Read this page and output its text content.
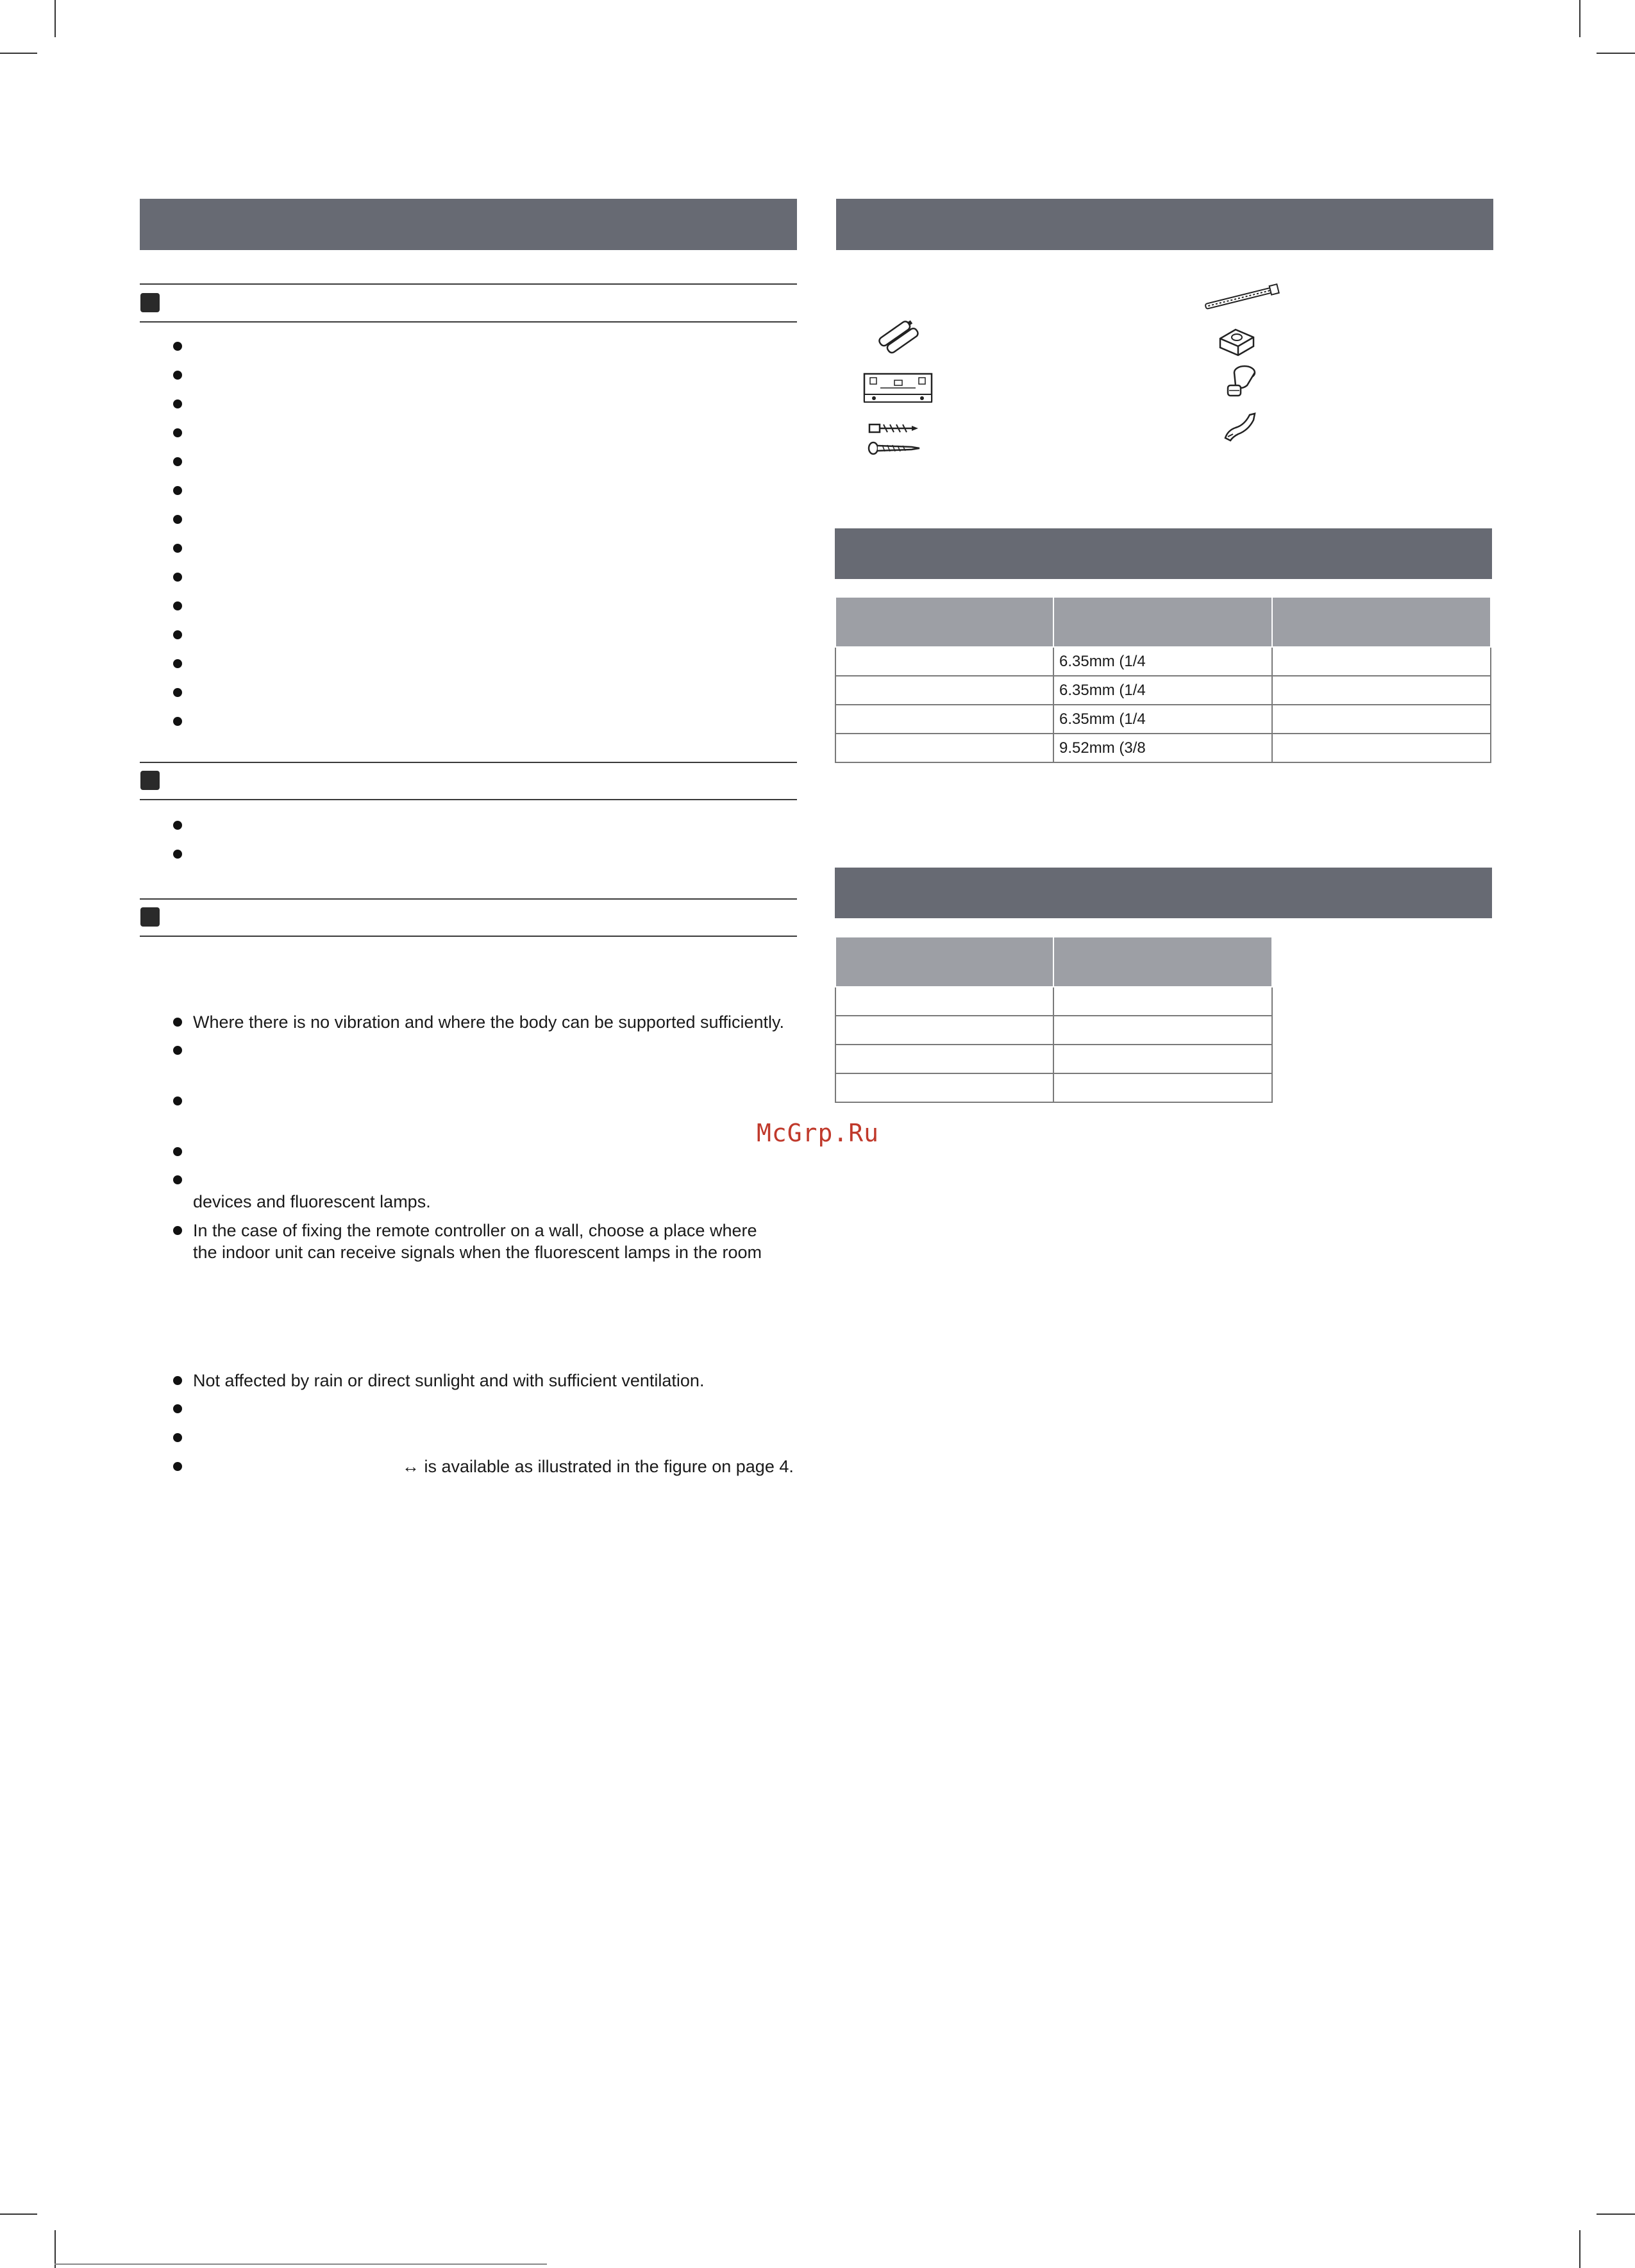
Where there is no vibration and where the body can be supported sufficiently.
devices and fluorescent lamps.
In the case of fixing the remote controller on a wall, choose a place where
the indoor unit can receive signals when the fluorescent lamps in the room
Not affected by rain or direct sunlight and with sufficient ventilation.
↔ is available as illustrated in the figure on page 4.

	6.35mm (1/4	
	6.35mm (1/4	
	6.35mm (1/4	
	9.52mm (3/8	

McGrp.Ru
